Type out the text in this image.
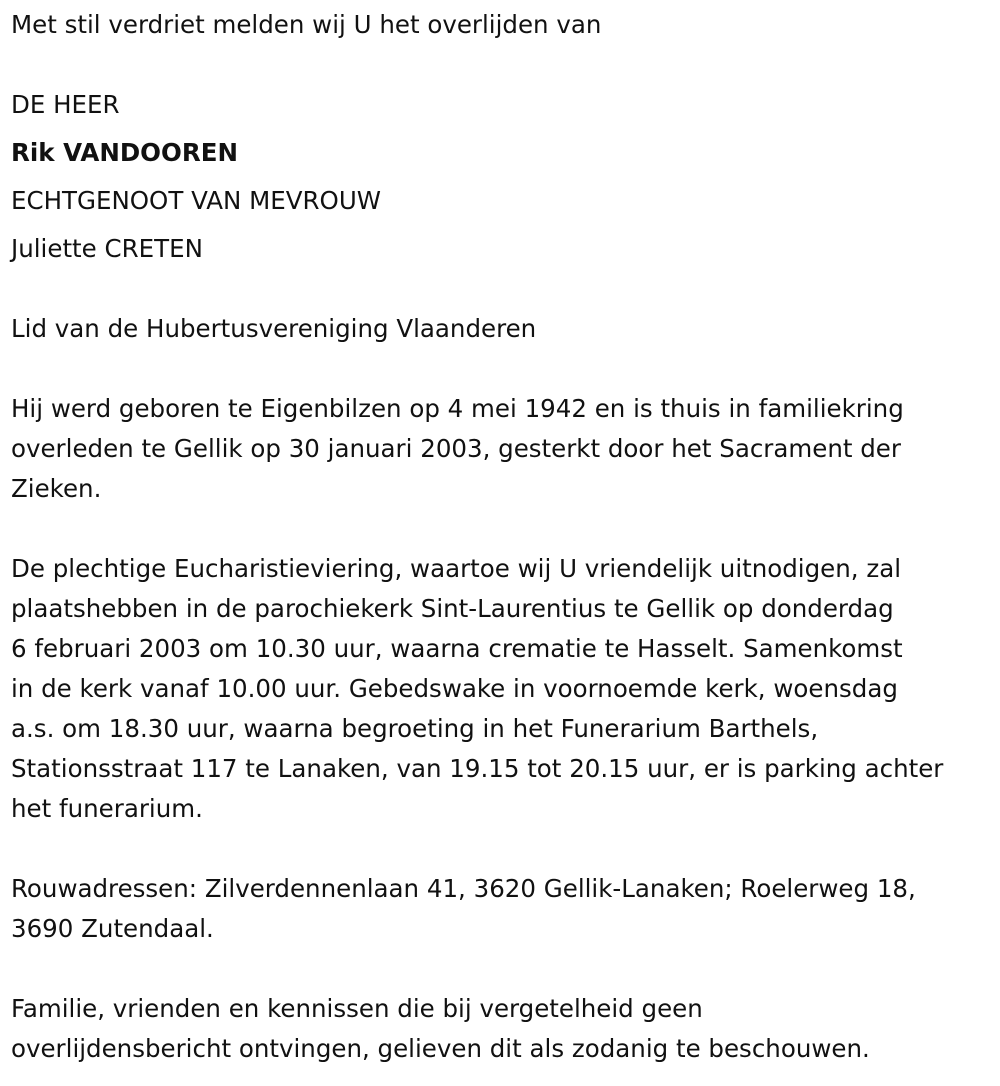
Met stil verdriet melden wij U het overlijden van
DE HEER
Rik VANDOOREN
ECHTGENOOT VAN MEVROUW
Juliette CRETEN
Lid van de Hubertusvereniging Vlaanderen
Hij werd geboren te Eigenbilzen op 4 mei 1942 en is thuis in familiekring
overleden te Gellik op 30 januari 2003, gesterkt door het Sacrament der
Zieken.
De plechtige Eucharistieviering, waartoe wij U vriendelijk uitnodigen, zal
plaatshebben in de parochiekerk Sint-Laurentius te Gellik op donderdag
6 februari 2003 om 10.30 uur, waarna crematie te Hasselt. Samenkomst
in de kerk vanaf 10.00 uur. Gebedswake in voornoemde kerk, woensdag
a.s. om 18.30 uur, waarna begroeting in het Funerarium Barthels,
Stationsstraat 117 te Lanaken, van 19.15 tot 20.15 uur, er is parking achter
het funerarium.
Rouwadressen: Zilverdennenlaan 41, 3620 Gellik-Lanaken; Roelerweg 18,
3690 Zutendaal.
Familie, vrienden en kennissen die bij vergetelheid geen
overlijdensbericht ontvingen, gelieven dit als zodanig te beschouwen.
